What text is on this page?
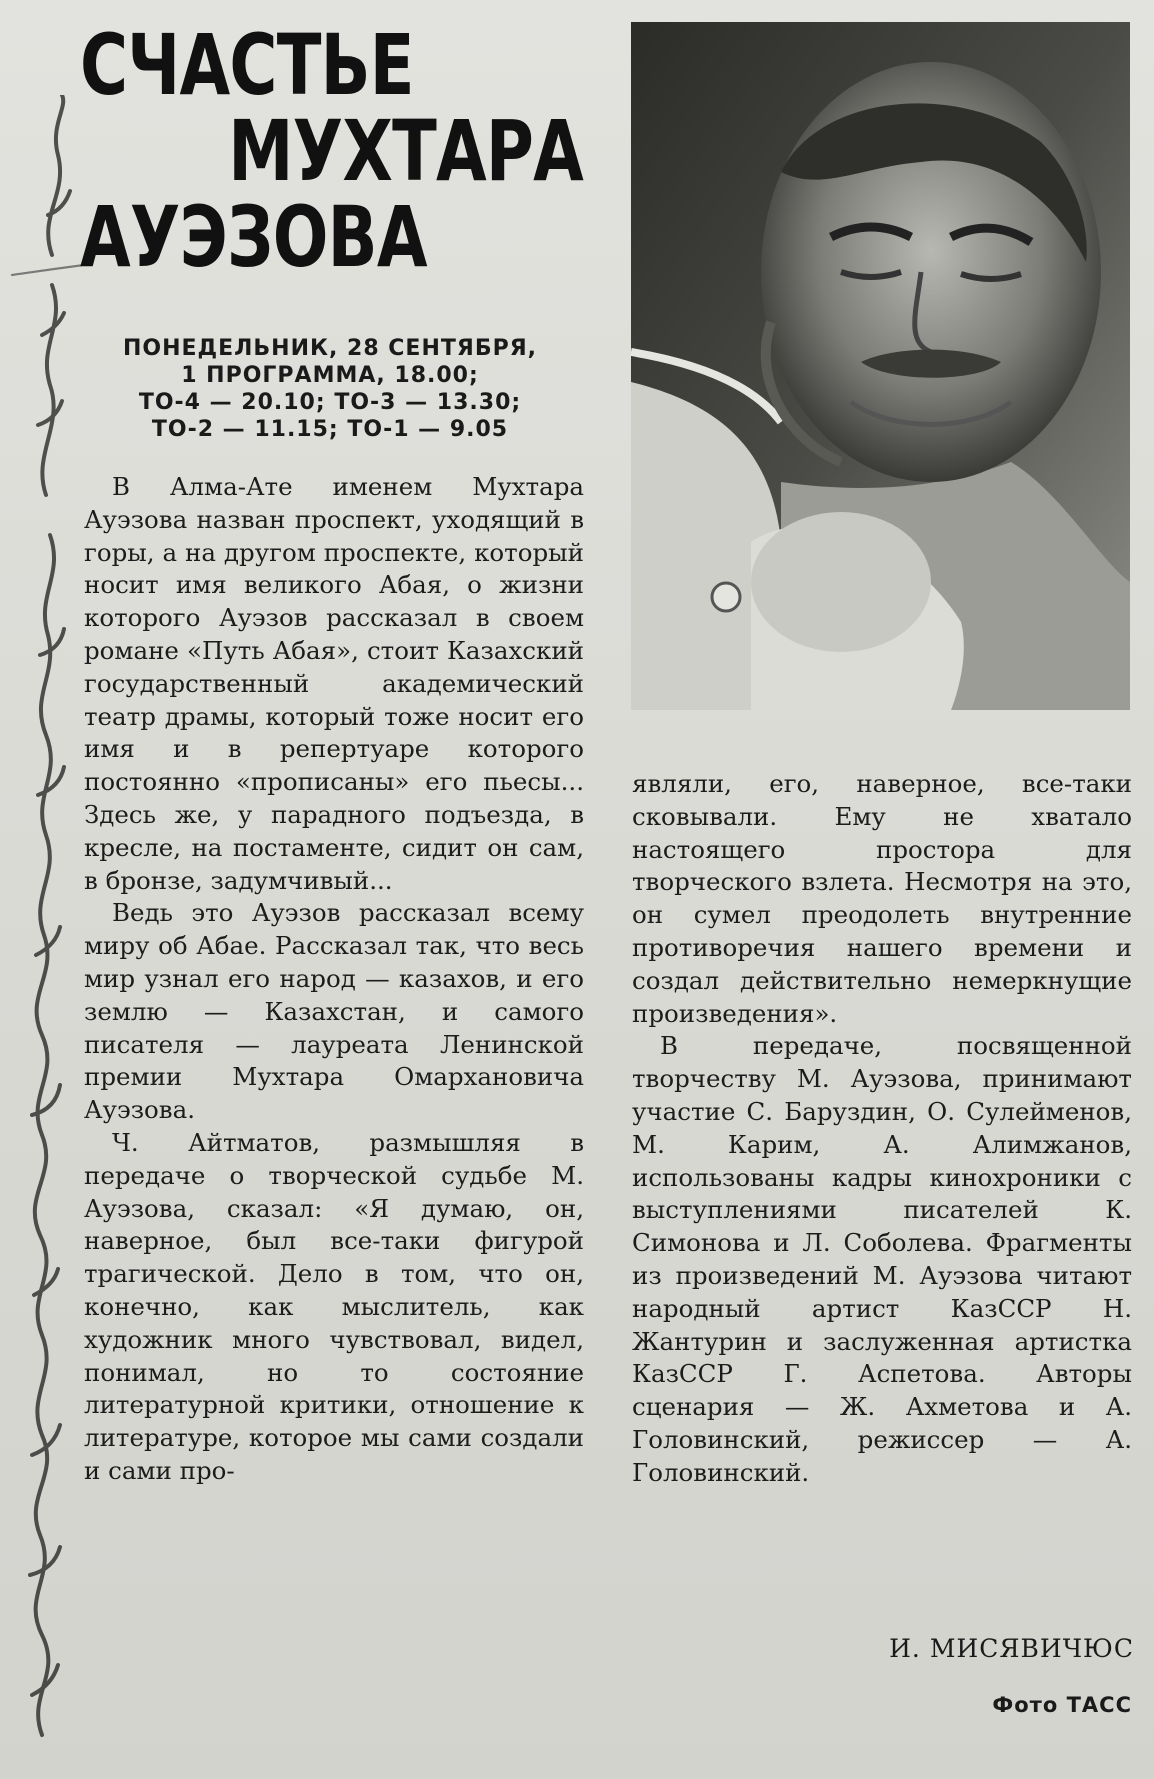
СЧАСТЬЕ
МУХТАРА
АУЭЗОВА
ПОНЕДЕЛЬНИК, 28 СЕНТЯБРЯ,
1 ПРОГРАММА, 18.00;
ТО-4 — 20.10; ТО-3 — 13.30;
ТО-2 — 11.15; ТО-1 — 9.05

В Алма-Ате именем Мухтара Ауэзова назван проспект, уходящий в горы, а на другом проспекте, который носит имя великого Абая, о жизни которого Ауэзов рассказал в своем романе «Путь Абая», стоит Казахский государственный академический театр драмы, который тоже носит его имя и в репертуаре которого постоянно «прописаны» его пьесы... Здесь же, у парадного подъезда, в кресле, на постаменте, сидит он сам, в бронзе, задумчивый...

Ведь это Ауэзов рассказал всему миру об Абае. Рассказал так, что весь мир узнал его народ — казахов, и его землю — Казахстан, и самого писателя — лауреата Ленинской премии Мухтара Омархановича Ауэзова.

Ч. Айтматов, размышляя в передаче о творческой судьбе М. Ауэзова, сказал: «Я думаю, он, наверное, был все-таки фигурой трагической. Дело в том, что он, конечно, как мыслитель, как художник много чувствовал, видел, понимал, но то состояние литературной критики, отношение к литературе, которое мы сами создали и сами про-

являли, его, наверное, все-таки сковывали. Ему не хватало настоящего простора для творческого взлета. Несмотря на это, он сумел преодолеть внутренние противоречия нашего времени и создал действительно немеркнущие произведения».

В передаче, посвященной творчеству М. Ауэзова, принимают участие С. Баруздин, О. Сулейменов, М. Карим, А. Алимжанов, использованы кадры кинохроники с выступлениями писателей К. Симонова и Л. Соболева. Фрагменты из произведений М. Ауэзова читают народный артист КазССР Н. Жантурин и заслуженная артистка КазССР Г. Аспетова. Авторы сценария — Ж. Ахметова и А. Головинский, режиссер — А. Головинский.

И. МИСЯВИЧЮС
Фото ТАСС
